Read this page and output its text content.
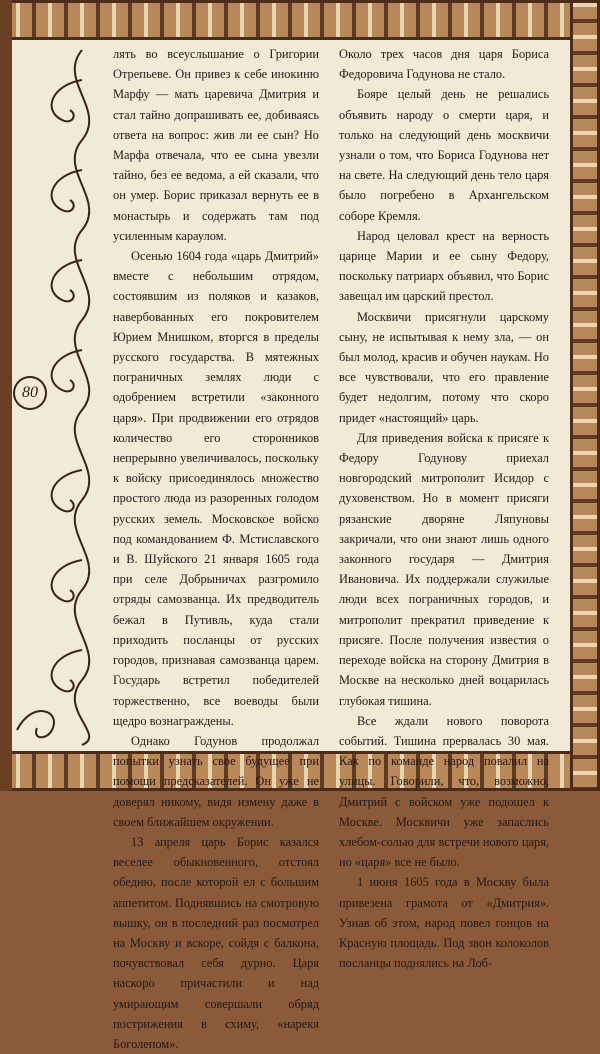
80

лять во всеуслышание о Григории Отрепьеве. Он привез к себе инокиню Марфу — мать царевича Дмитрия и стал тайно допрашивать ее, добиваясь ответа на вопрос: жив ли ее сын? Но Марфа отвечала, что ее сына увезли тайно, без ее ведома, а ей сказали, что он умер. Борис приказал вернуть ее в монастырь и содержать там под усиленным караулом.

Осенью 1604 года «царь Дмитрий» вместе с небольшим отрядом, состоявшим из поляков и казаков, навербованных его покровителем Юрием Мнишком, вторгся в пределы русского государства. В мятежных пограничных землях люди с одобрением встретили «законного царя». При продвижении его отрядов количество его сторонников непрерывно увеличивалось, поскольку к войску присоединялось множество простого люда из разоренных голодом русских земель. Московское войско под командованием Ф. Мстиславского и В. Шуйского 21 января 1605 года при селе Добрыничах разгромило отряды самозванца. Их предводитель бежал в Путивль, куда стали приходить посланцы от русских городов, признавая самозванца царем. Государь встретил победителей торжественно, все воеводы были щедро вознаграждены.

Однако Годунов продолжал попытки узнать свое будущее при помощи предсказателей. Он уже не доверял никому, видя измену даже в своем ближайшем окружении.

13 апреля царь Борис казался веселее обыкновенного, отстоял обедню, после которой ел с большим аппетитом. Поднявшись на смотровую вышку, он в последний раз посмотрел на Москву и вскоре, сойдя с балкона, почувствовал себя дурно. Царя наскоро причастили и над умирающим совершали обряд пострижения в схиму, «нарекя Боголепом».

Около трех часов дня царя Бориса Федоровича Годунова не стало.

Бояре целый день не решались объявить народу о смерти царя, и только на следующий день москвичи узнали о том, что Бориса Годунова нет на свете. На следующий день тело царя было погребено в Архангельском соборе Кремля.

Народ целовал крест на верность царице Марии и ее сыну Федору, поскольку патриарх объявил, что Борис завещал им царский престол.

Москвичи присягнули царскому сыну, не испытывая к нему зла, — он был молод, красив и обучен наукам. Но все чувствовали, что его правление будет недолгим, потому что скоро придет «настоящий» царь.

Для приведения войска к присяге к Федору Годунову приехал новгородский митрополит Исидор с духовенством. Но в момент присяги рязанские дворяне Ляпуновы закричали, что они знают лишь одного законного государя — Дмитрия Ивановича. Их поддержали служилые люди всех пограничных городов, и митрополит прекратил приведение к присяге. После получения известия о переходе войска на сторону Дмитрия в Москве на несколько дней воцарилась глубокая тишина.

Все ждали нового поворота событий. Тишина прервалась 30 мая. Как по команде народ повалил на улицы. Говорили, что, возможно, Дмитрий с войском уже подошел к Москве. Москвичи уже запаслись хлебом-солью для встречи нового царя, но «царя» все не было.

1 июня 1605 года в Москву была привезена грамота от «Дмитрия». Узнав об этом, народ повел гонцов на Красную площадь. Под звон колоколов посланцы поднялись на Лоб-
